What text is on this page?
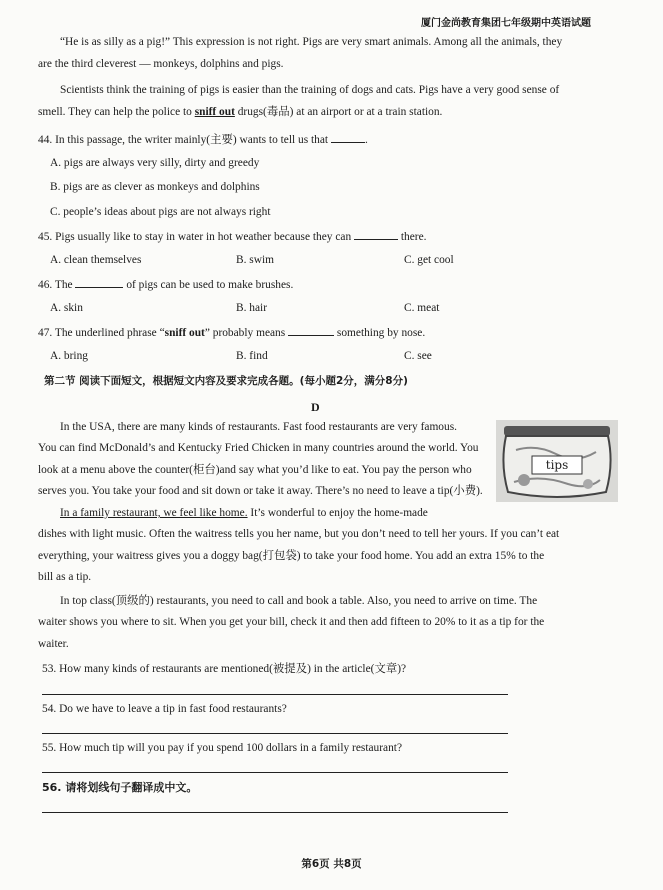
厦门金尚教育集团七年级期中英语试题
“He is as silly as a pig!” This expression is not right. Pigs are very smart animals. Among all the animals, they
are the third cleverest — monkeys, dolphins and pigs.
Scientists think the training of pigs is easier than the training of dogs and cats. Pigs have a very good sense of
smell. They can help the police to sniff out drugs(毒品) at an airport or at a train station.
44. In this passage, the writer mainly(主要) wants to tell us that	.
A. pigs are always very silly, dirty and greedy
B. pigs are as clever as monkeys and dolphins
C. people’s ideas about pigs are not always right
45. Pigs usually like to stay in water in hot weather because they can	there.
A. clean themselves	B. swim	C. get cool
46. The	of pigs can be used to make brushes.
A. skin	B. hair	C. meat
47. The underlined phrase “sniff out” probably means	something by nose.
A. bring	B. find	C. see
第二节 阅读下面短文，根据短文内容及要求完成各题。(每小题2分，满分8分)
D
In the USA, there are many kinds of restaurants. Fast food restaurants are very famous.
You can find McDonald’s and Kentucky Fried Chicken in many countries around the world. You
look at a menu above the counter(柜台)and say what you’d like to eat. You pay the person who
serves you. You take your food and sit down or take it away. There’s no need to leave a tip(小费).
tips
In a family restaurant, we feel like home. It’s wonderful to enjoy the home-made
dishes with light music. Often the waitress tells you her name, but you don’t need to tell her yours. If you can’t eat
everything, your waitress gives you a doggy bag(打包袋) to take your food home. You add an extra 15% to the
bill as a tip.
In top class(顶级的) restaurants, you need to call and book a table. Also, you need to arrive on time. The
waiter shows you where to sit. When you get your bill, check it and then add fifteen to 20% to it as a tip for the
waiter.
53. How many kinds of restaurants are mentioned(被提及) in the article(文章)?
54. Do we have to leave a tip in fast food restaurants?
55. How much tip will you pay if you spend 100 dollars in a family restaurant?
56. 请将划线句子翻译成中文。
第6页 共8页
